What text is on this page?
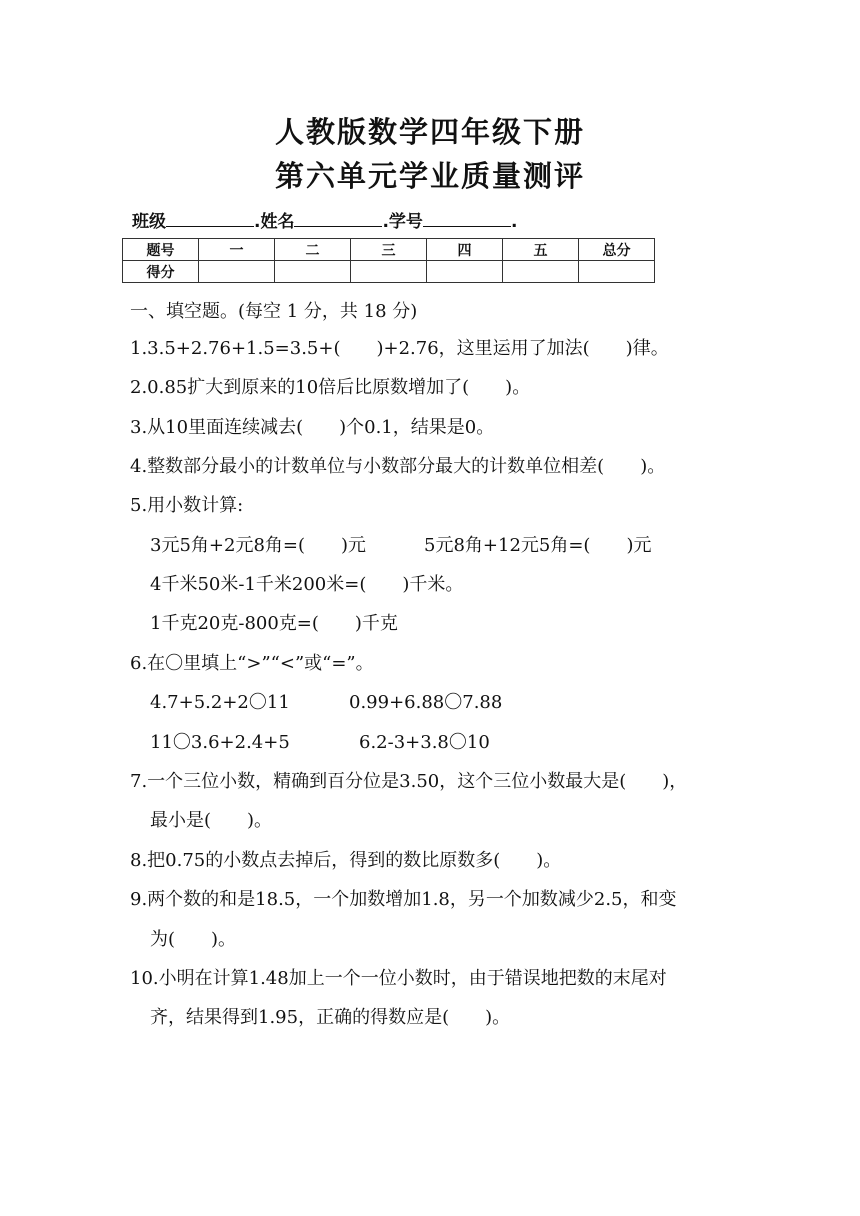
人教版数学四年级下册
第六单元学业质量测评
班级	.姓名	.学号	.
题号	一	二	三	四	五	总分
得分						
一、填空题。(每空 1 分，共 18 分)
1.3.5+2.76+1.5=3.5+(　　)+2.76，这里运用了加法(　　)律。
2.0.85扩大到原来的10倍后比原数增加了(　　)。
3.从10里面连续减去(　　)个0.1，结果是0。
4.整数部分最小的计数单位与小数部分最大的计数单位相差(　　)。
5.用小数计算:
3元5角+2元8角=(　　)元	5元8角+12元5角=(　　)元
4千米50米-1千米200米=(　　)千米。
1千克20克-800克=(　　)千克
6.在〇里填上“>”“<”或“=”。
4.7+5.2+2〇11	0.99+6.88〇7.88
11〇3.6+2.4+5	6.2-3+3.8〇10
7.一个三位小数，精确到百分位是3.50，这个三位小数最大是(　　)，
最小是(　　)。
8.把0.75的小数点去掉后，得到的数比原数多(　　)。
9.两个数的和是18.5，一个加数增加1.8，另一个加数减少2.5，和变
为(　　)。
10.小明在计算1.48加上一个一位小数时，由于错误地把数的末尾对
齐，结果得到1.95，正确的得数应是(　　)。
